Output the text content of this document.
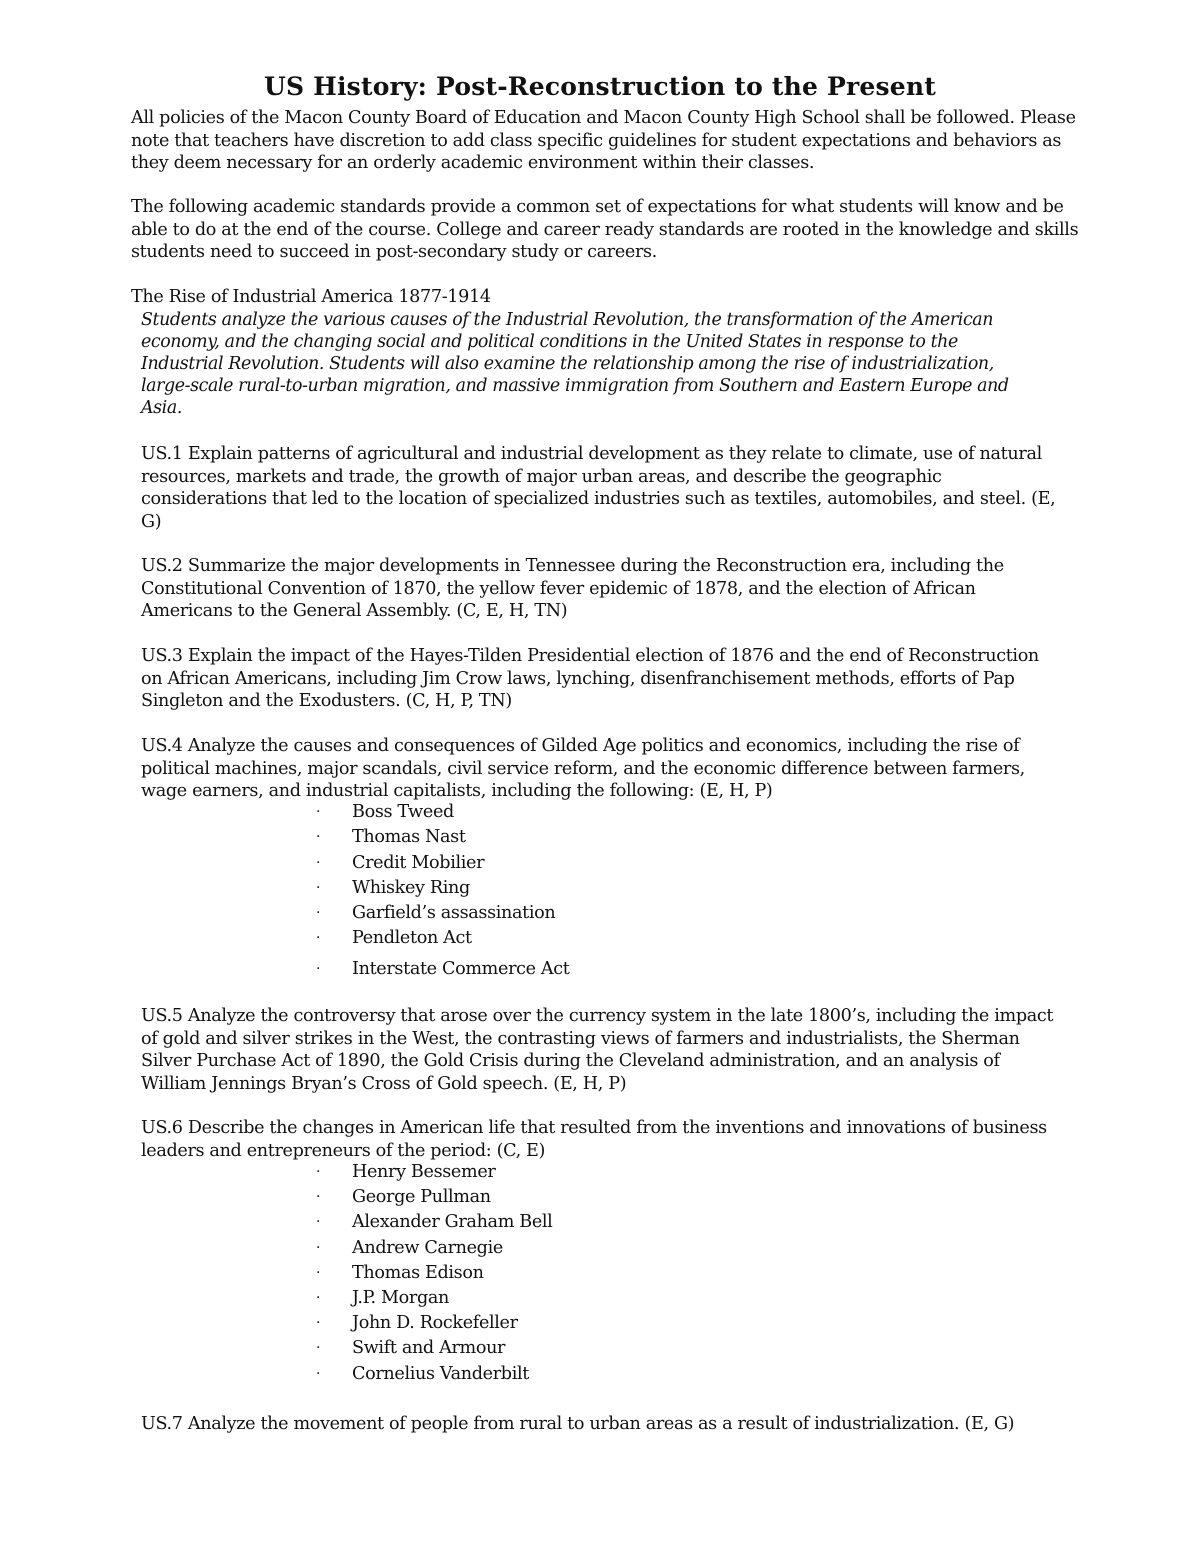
US History: Post-Reconstruction to the Present
All policies of the Macon County Board of Education and Macon County High School shall be followed. Please note that teachers have discretion to add class specific guidelines for student expectations and behaviors as they deem necessary for an orderly academic environment within their classes.
The following academic standards provide a common set of expectations for what students will know and be able to do at the end of the course. College and career ready standards are rooted in the knowledge and skills students need to succeed in post-secondary study or careers.
The Rise of Industrial America 1877-1914
Students analyze the various causes of the Industrial Revolution, the transformation of the American economy, and the changing social and political conditions in the United States in response to the Industrial Revolution. Students will also examine the relationship among the rise of industrialization, large-scale rural-to-urban migration, and massive immigration from Southern and Eastern Europe and Asia.
US.1 Explain patterns of agricultural and industrial development as they relate to climate, use of natural resources, markets and trade, the growth of major urban areas, and describe the geographic considerations that led to the location of specialized industries such as textiles, automobiles, and steel. (E, G)
US.2 Summarize the major developments in Tennessee during the Reconstruction era, including the Constitutional Convention of 1870, the yellow fever epidemic of 1878, and the election of African Americans to the General Assembly. (C, E, H, TN)
US.3 Explain the impact of the Hayes-Tilden Presidential election of 1876 and the end of Reconstruction on African Americans, including Jim Crow laws, lynching, disenfranchisement methods, efforts of Pap Singleton and the Exodusters. (C, H, P, TN)
US.4 Analyze the causes and consequences of Gilded Age politics and economics, including the rise of political machines, major scandals, civil service reform, and the economic difference between farmers, wage earners, and industrial capitalists, including the following: (E, H, P)
· Boss Tweed
· Thomas Nast
· Credit Mobilier
· Whiskey Ring
· Garfield’s assassination
· Pendleton Act
· Interstate Commerce Act
US.5 Analyze the controversy that arose over the currency system in the late 1800’s, including the impact of gold and silver strikes in the West, the contrasting views of farmers and industrialists, the Sherman Silver Purchase Act of 1890, the Gold Crisis during the Cleveland administration, and an analysis of William Jennings Bryan’s Cross of Gold speech. (E, H, P)
US.6 Describe the changes in American life that resulted from the inventions and innovations of business leaders and entrepreneurs of the period: (C, E)
· Henry Bessemer
· George Pullman
· Alexander Graham Bell
· Andrew Carnegie
· Thomas Edison
· J.P. Morgan
· John D. Rockefeller
· Swift and Armour
· Cornelius Vanderbilt
US.7 Analyze the movement of people from rural to urban areas as a result of industrialization. (E, G)
